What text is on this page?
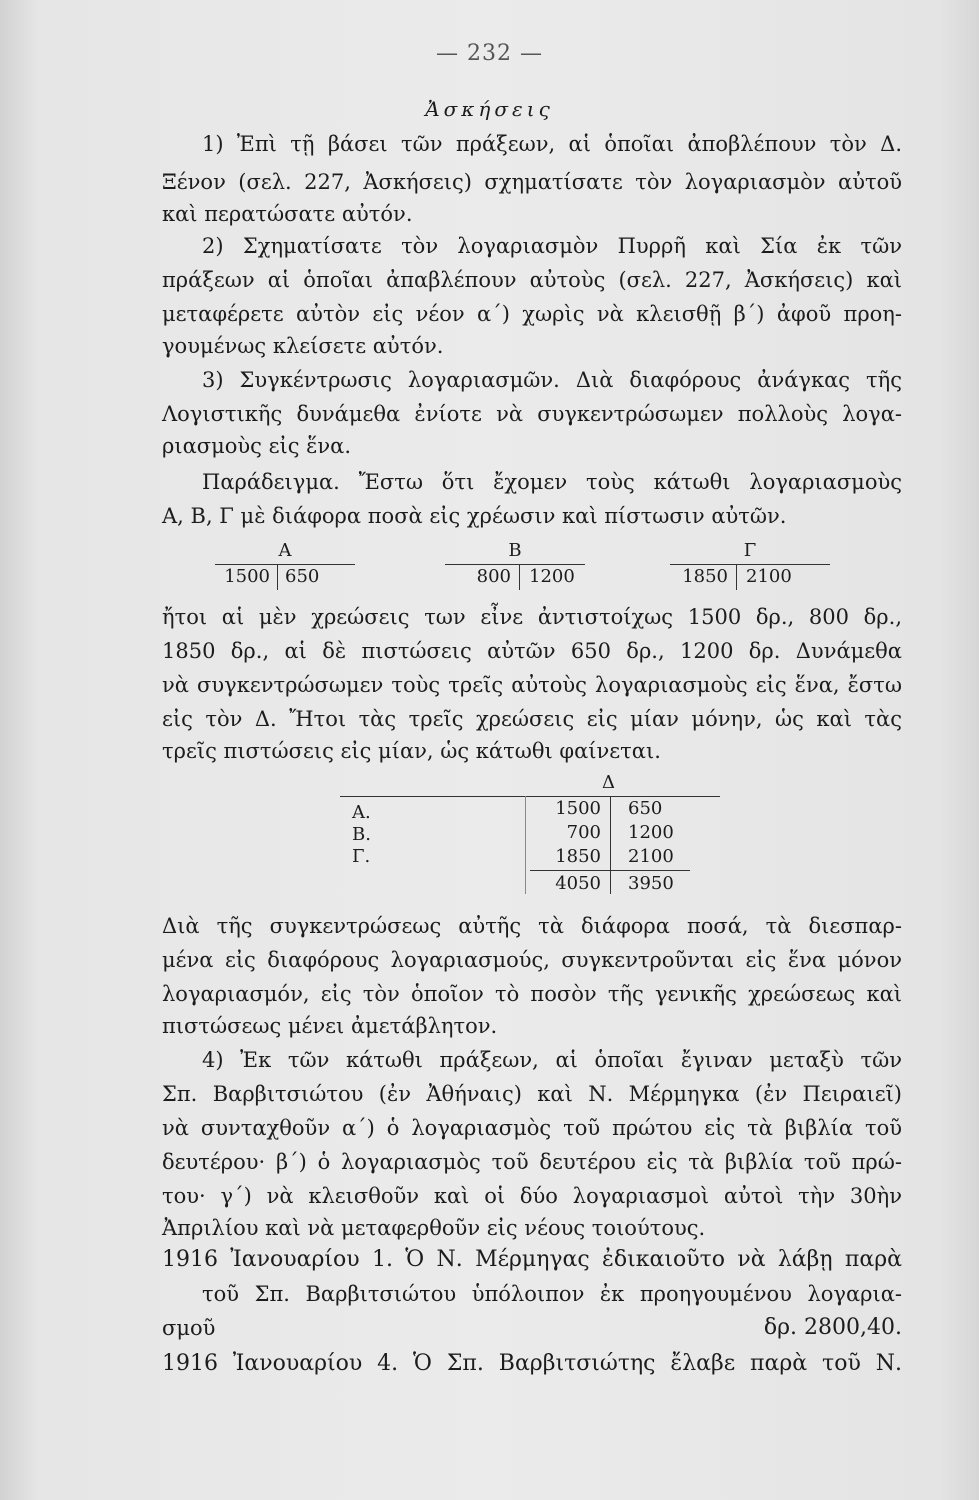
— 232 —
Ἀσκήσεις
1) Ἐπὶ τῇ βάσει τῶν πράξεων, αἱ ὁποῖαι ἀποβλέπουν τὸν Δ.
Ξένον (σελ. 227, Ἀσκήσεις) σχηματίσατε τὸν λογαριασμὸν αὐτοῦ
καὶ περατώσατε αὐτόν.
2) Σχηματίσατε τὸν λογαριασμὸν Πυρρῆ καὶ Σία ἐκ τῶν
πράξεων αἱ ὁποῖαι ἀπαβλέπουν αὐτοὺς (σελ. 227, Ἀσκήσεις) καὶ
μεταφέρετε αὐτὸν εἰς νέον α΄) χωρὶς νὰ κλεισθῇ β΄) ἀφοῦ προη-
γουμένως κλείσετε αὐτόν.
3) Συγκέντρωσις λογαριασμῶν. Διὰ διαφόρους ἀνάγκας τῆς
Λογιστικῆς δυνάμεθα ἐνίοτε νὰ συγκεντρώσωμεν πολλοὺς λογα-
ριασμοὺς εἰς ἕνα.
Παράδειγμα. Ἔστω ὅτι ἔχομεν τοὺς κάτωθι λογαριασμοὺς
Α, Β, Γ μὲ διάφορα ποσὰ εἰς χρέωσιν καὶ πίστωσιν αὐτῶν.
Α
1500 650
Β
800 1200
Γ
1850 2100
ἤτοι αἱ μὲν χρεώσεις των εἶνε ἀντιστοίχως 1500 δρ., 800 δρ.,
1850 δρ., αἱ δὲ πιστώσεις αὐτῶν 650 δρ., 1200 δρ. Δυνάμεθα
νὰ συγκεντρώσωμεν τοὺς τρεῖς αὐτοὺς λογαριασμοὺς εἰς ἕνα, ἔστω
εἰς τὸν Δ. Ἤτοι τὰς τρεῖς χρεώσεις εἰς μίαν μόνην, ὡς καὶ τὰς
τρεῖς πιστώσεις εἰς μίαν, ὡς κάτωθι φαίνεται.
Δ
Α.
Β.
Γ.
1500
700
1850
650
1200
2100
4050 3950
Διὰ τῆς συγκεντρώσεως αὐτῆς τὰ διάφορα ποσά, τὰ διεσπαρ-
μένα εἰς διαφόρους λογαριασμούς, συγκεντροῦνται εἰς ἕνα μόνον
λογαριασμόν, εἰς τὸν ὁποῖον τὸ ποσὸν τῆς γενικῆς χρεώσεως καὶ
πιστώσεως μένει ἀμετάβλητον.
4) Ἐκ τῶν κάτωθι πράξεων, αἱ ὁποῖαι ἔγιναν μεταξὺ τῶν
Σπ. Βαρβιτσιώτου (ἐν Ἀθήναις) καὶ Ν. Μέρμηγκα (ἐν Πειραιεῖ)
νὰ συνταχθοῦν α΄) ὁ λογαριασμὸς τοῦ πρώτου εἰς τὰ βιβλία τοῦ
δευτέρου· β΄) ὁ λογαριασμὸς τοῦ δευτέρου εἰς τὰ βιβλία τοῦ πρώ-
του· γ΄) νὰ κλεισθοῦν καὶ οἱ δύο λογαριασμοὶ αὐτοὶ τὴν 30ὴν
Ἀπριλίου καὶ νὰ μεταφερθοῦν εἰς νέους τοιούτους.
1916 Ἰανουαρίου 1. Ὁ Ν. Μέρμηγας ἐδικαιοῦτο νὰ λάβῃ παρὰ
τοῦ Σπ. Βαρβιτσιώτου ὑπόλοιπον ἐκ προηγουμένου λογαρια-
σμοῦ	δρ. 2800,40.
1916 Ἰανουαρίου 4. Ὁ Σπ. Βαρβιτσιώτης ἔλαβε παρὰ τοῦ Ν.
